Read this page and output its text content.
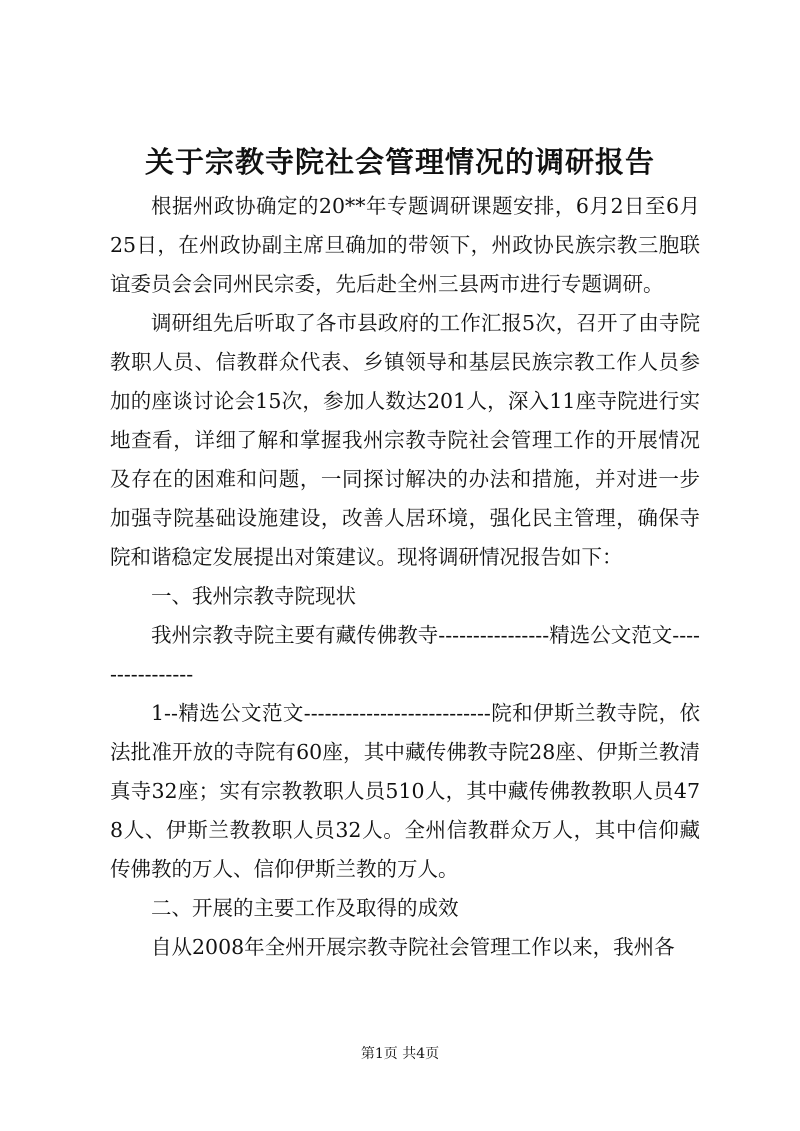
关于宗教寺院社会管理情况的调研报告

根据州政协确定的20**年专题调研课题安排，6月2日至6月25日，在州政协副主席旦确加的带领下，州政协民族宗教三胞联谊委员会会同州民宗委，先后赴全州三县两市进行专题调研。

调研组先后听取了各市县政府的工作汇报5次，召开了由寺院教职人员、信教群众代表、乡镇领导和基层民族宗教工作人员参加的座谈讨论会15次，参加人数达201人，深入11座寺院进行实地查看，详细了解和掌握我州宗教寺院社会管理工作的开展情况及存在的困难和问题，一同探讨解决的办法和措施，并对进一步加强寺院基础设施建设，改善人居环境，强化民主管理，确保寺院和谐稳定发展提出对策建议。现将调研情况报告如下：

一、我州宗教寺院现状

我州宗教寺院主要有藏传佛教寺----------------精选公文范文----------------

1--精选公文范文---------------------------院和伊斯兰教寺院，依法批准开放的寺院有60座，其中藏传佛教寺院28座、伊斯兰教清真寺32座；实有宗教教职人员510人，其中藏传佛教教职人员478人、伊斯兰教教职人员32人。全州信教群众万人，其中信仰藏传佛教的万人、信仰伊斯兰教的万人。

二、开展的主要工作及取得的成效

自从2008年全州开展宗教寺院社会管理工作以来，我州各

第1页 共4页
